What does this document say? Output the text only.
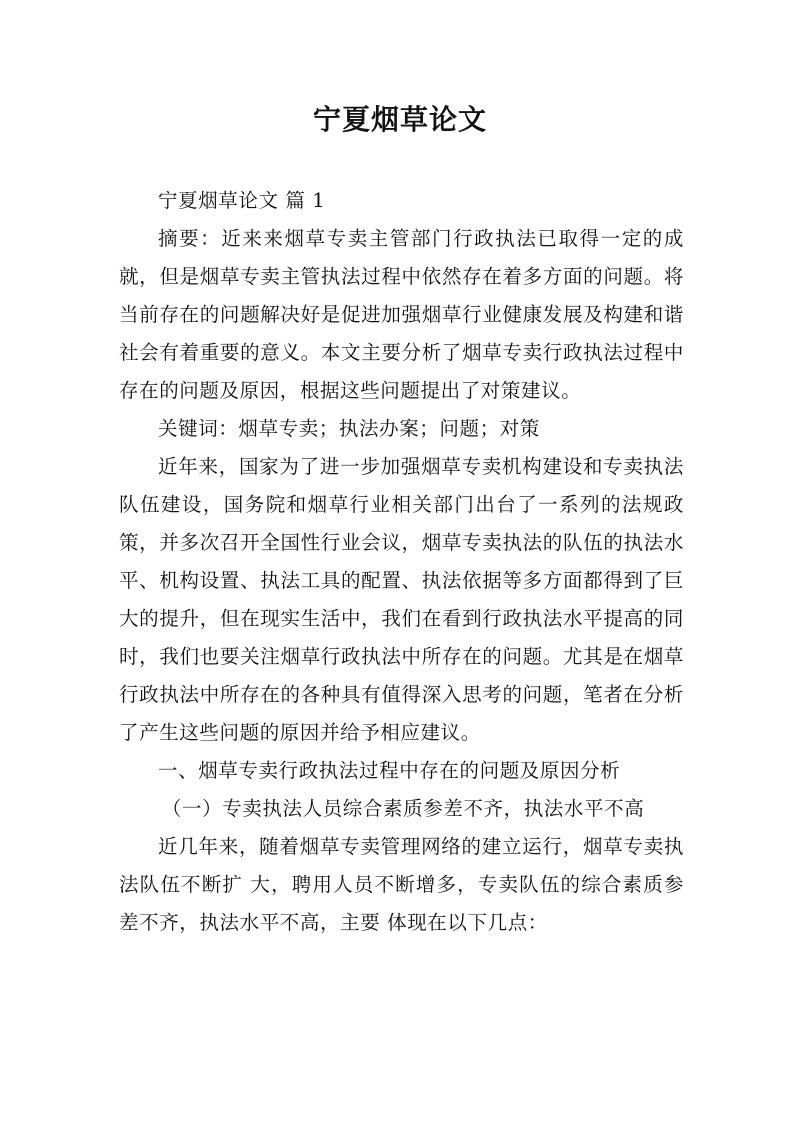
宁夏烟草论文

宁夏烟草论文 篇 1

摘要：近来来烟草专卖主管部门行政执法已取得一定的成就，但是烟草专卖主管执法过程中依然存在着多方面的问题。将当前存在的问题解决好是促进加强烟草行业健康发展及构建和谐社会有着重要的意义。本文主要分析了烟草专卖行政执法过程中存在的问题及原因，根据这些问题提出了对策建议。

关键词：烟草专卖；执法办案；问题；对策

近年来，国家为了进一步加强烟草专卖机构建设和专卖执法队伍建设，国务院和烟草行业相关部门出台了一系列的法规政策，并多次召开全国性行业会议，烟草专卖执法的队伍的执法水平、机构设置、执法工具的配置、执法依据等多方面都得到了巨大的提升，但在现实生活中，我们在看到行政执法水平提高的同时，我们也要关注烟草行政执法中所存在的问题。尤其是在烟草行政执法中所存在的各种具有值得深入思考的问题，笔者在分析了产生这些问题的原因并给予相应建议。

一、烟草专卖行政执法过程中存在的问题及原因分析

（一）专卖执法人员综合素质参差不齐，执法水平不高

近几年来，随着烟草专卖管理网络的建立运行，烟草专卖执法队伍不断扩 大，聘用人员不断增多，专卖队伍的综合素质参差不齐，执法水平不高，主要 体现在以下几点：
